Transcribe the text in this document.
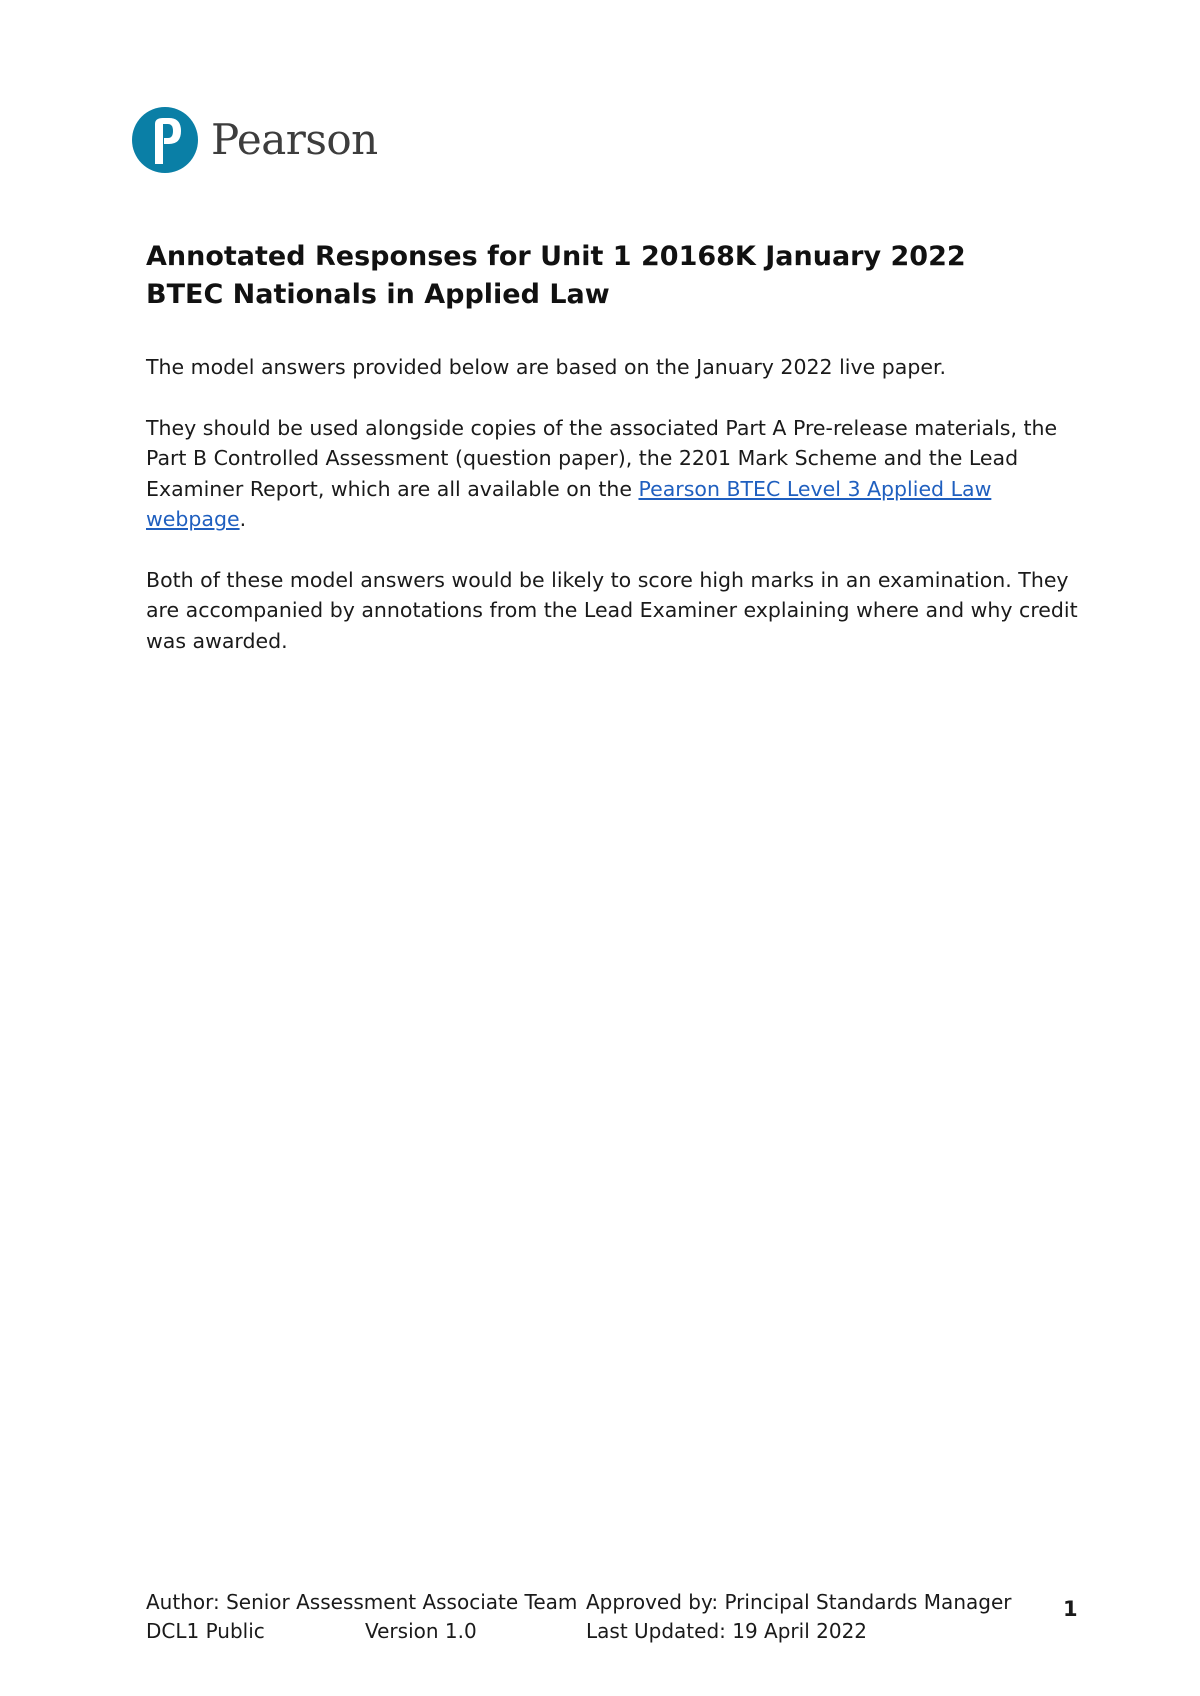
Pearson
Annotated Responses for Unit 1 20168K January 2022
BTEC Nationals in Applied Law

The model answers provided below are based on the January 2022 live paper.

They should be used alongside copies of the associated Part A Pre-release materials, the Part B Controlled Assessment (question paper), the 2201 Mark Scheme and the Lead Examiner Report, which are all available on the Pearson BTEC Level 3 Applied Law webpage.

Both of these model answers would be likely to score high marks in an examination. They are accompanied by annotations from the Lead Examiner explaining where and why credit was awarded.

Author: Senior Assessment Associate Team Approved by: Principal Standards Manager
DCL1 Public	Version 1.0	Last Updated: 19 April 2022
1
